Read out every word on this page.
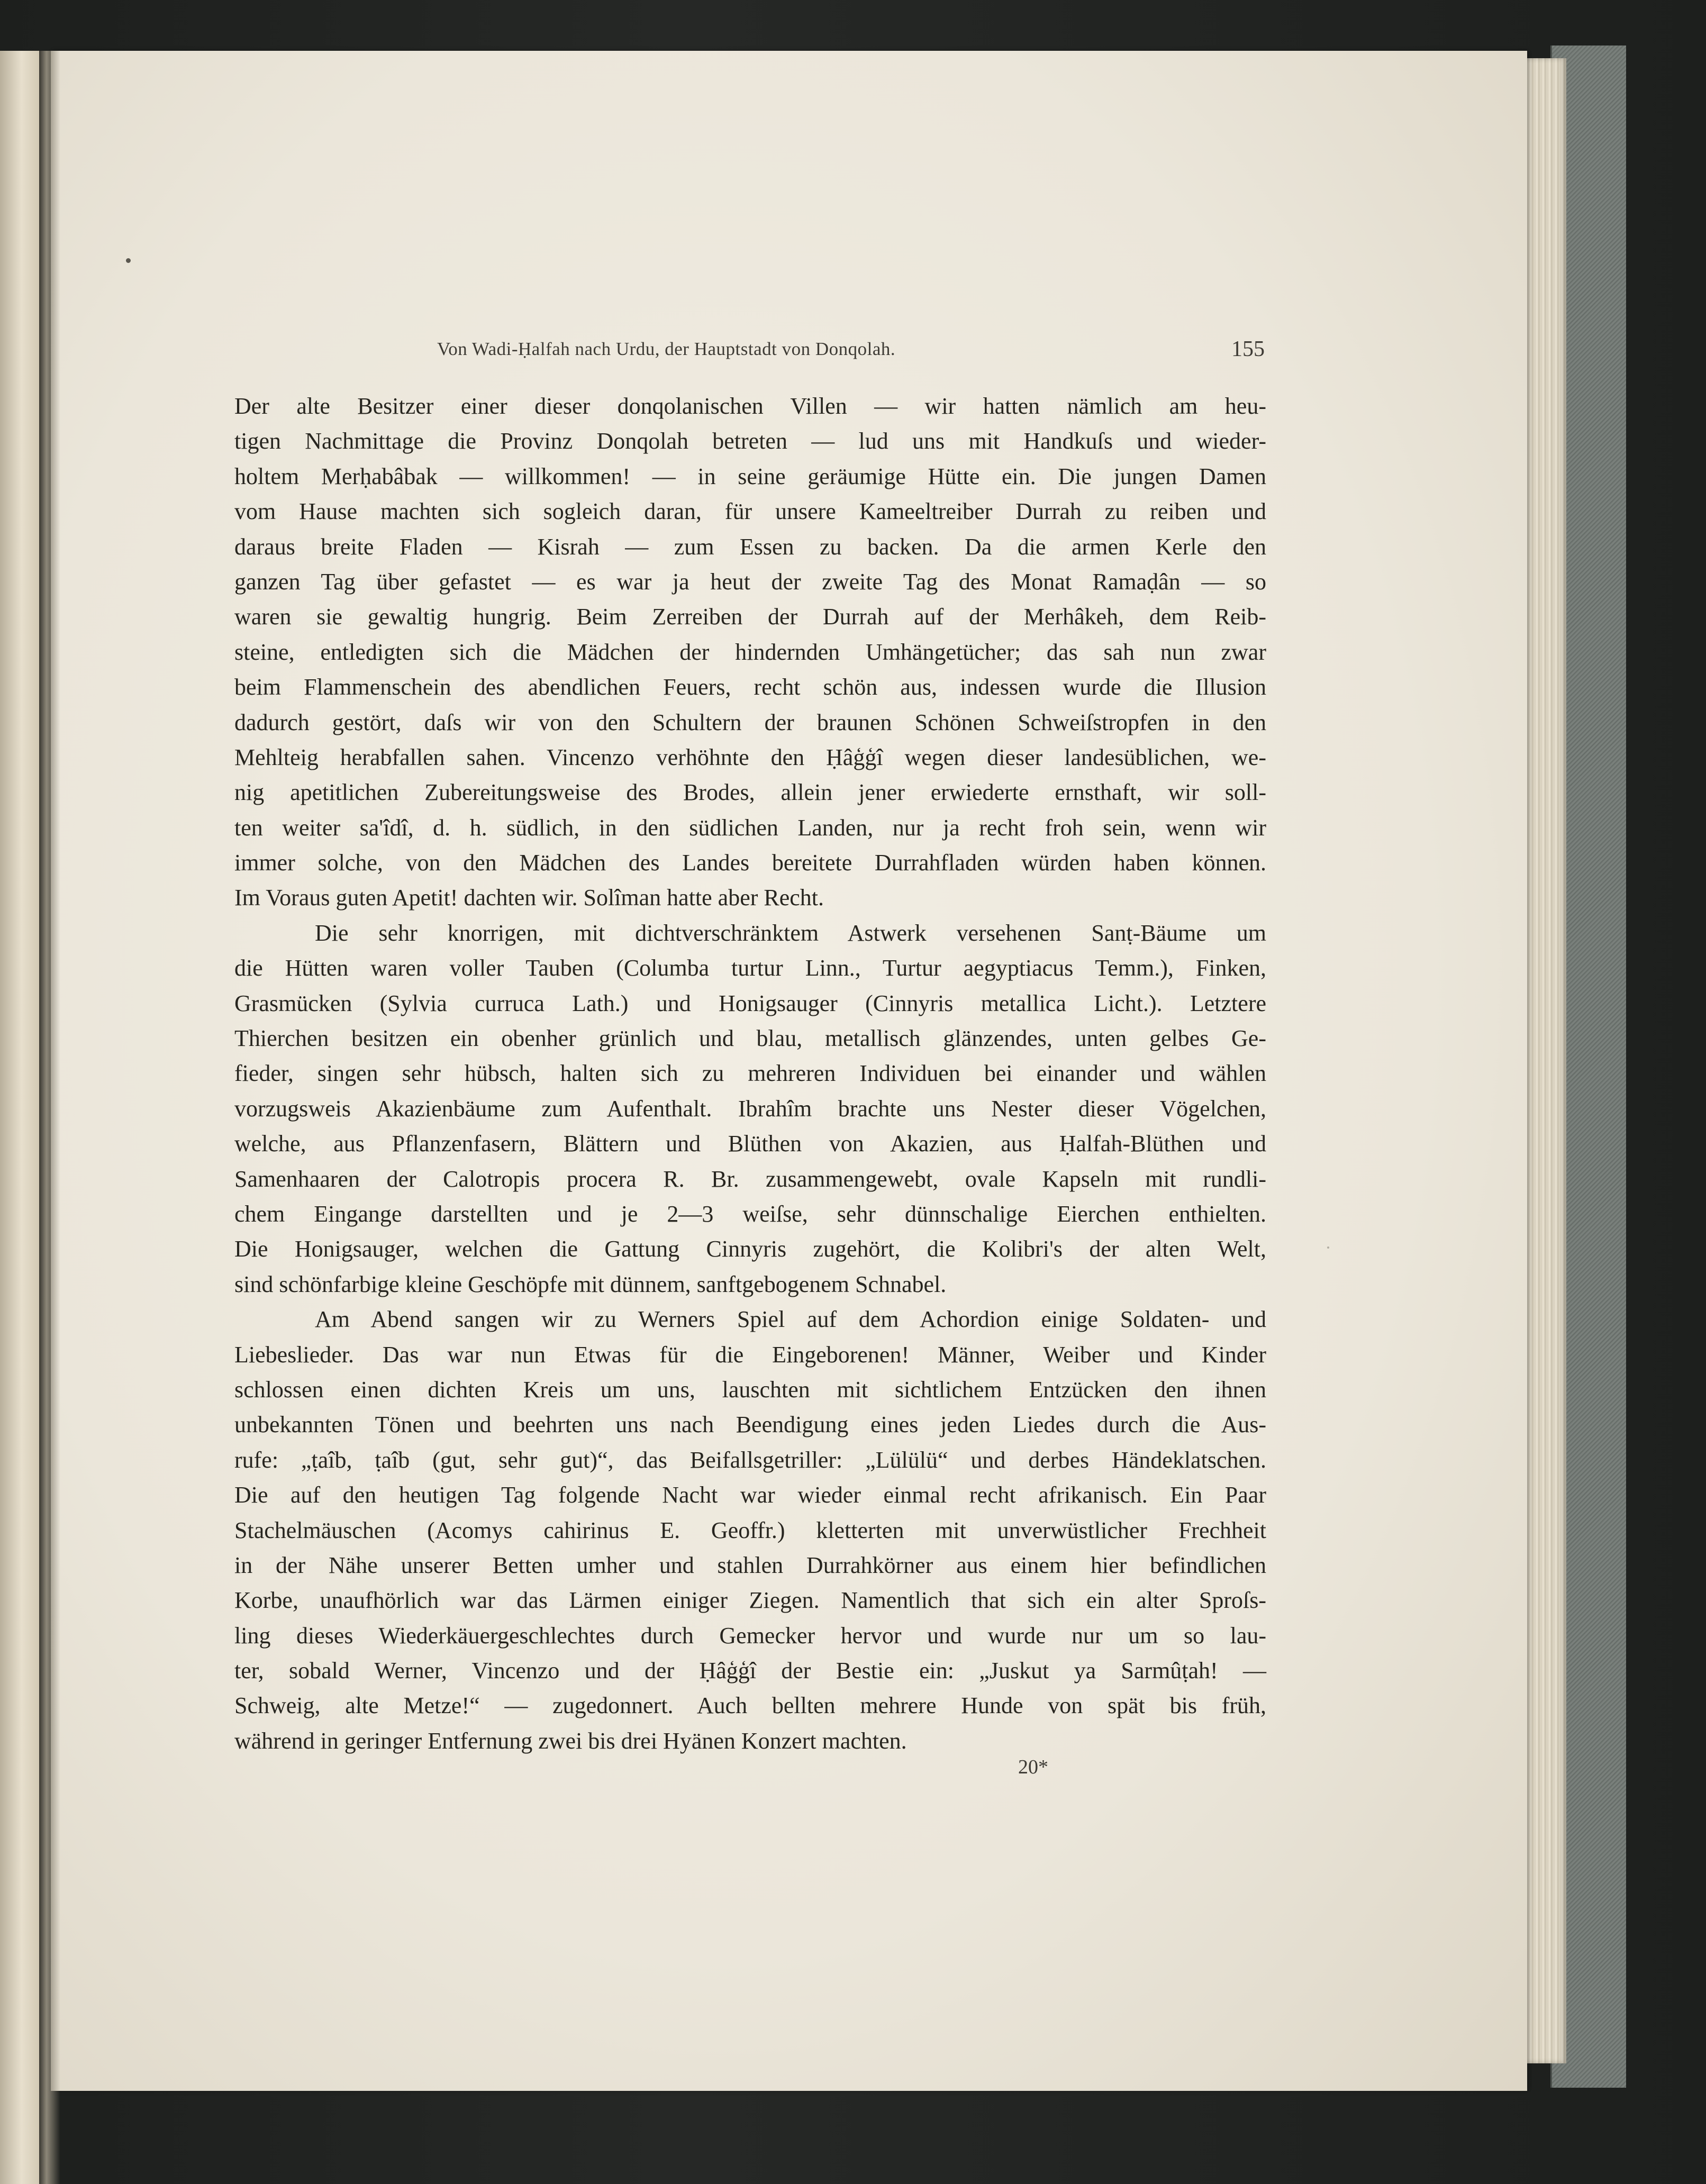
Von Wadi-Ḥalfah nach Urdu, der Hauptstadt von Donqolah.	155
Der alte Besitzer einer dieser donqolanischen Villen — wir hatten nämlich am heu-
tigen Nachmittage die Provinz Donqolah betreten — lud uns mit Handkuſs und wieder-
holtem Merḥabâbak — willkommen! — in seine geräumige Hütte ein. Die jungen Damen
vom Hause machten sich sogleich daran, für unsere Kameeltreiber Durrah zu reiben und
daraus breite Fladen — Kisrah — zum Essen zu backen. Da die armen Kerle den
ganzen Tag über gefastet — es war ja heut der zweite Tag des Monat Ramaḍân — so
waren sie gewaltig hungrig. Beim Zerreiben der Durrah auf der Merhâkeh, dem Reib-
steine, entledigten sich die Mädchen der hindernden Umhängetücher; das sah nun zwar
beim Flammenschein des abendlichen Feuers, recht schön aus, indessen wurde die Illusion
dadurch gestört, daſs wir von den Schultern der braunen Schönen Schweiſstropfen in den
Mehlteig herabfallen sahen. Vincenzo verhöhnte den Ḥâģģî wegen dieser landesüblichen, we-
nig apetitlichen Zubereitungsweise des Brodes, allein jener erwiederte ernsthaft, wir soll-
ten weiter sa'îdî, d. h. südlich, in den südlichen Landen, nur ja recht froh sein, wenn wir
immer solche, von den Mädchen des Landes bereitete Durrahfladen würden haben können.
Im Voraus guten Apetit! dachten wir. Solîman hatte aber Recht.
Die sehr knorrigen, mit dichtverschränktem Astwerk versehenen Sanṭ-Bäume um
die Hütten waren voller Tauben (Columba turtur Linn., Turtur aegyptiacus Temm.), Finken,
Grasmücken (Sylvia curruca Lath.) und Honigsauger (Cinnyris metallica Licht.). Letztere
Thierchen besitzen ein obenher grünlich und blau, metallisch glänzendes, unten gelbes Ge-
fieder, singen sehr hübsch, halten sich zu mehreren Individuen bei einander und wählen
vorzugsweis Akazienbäume zum Aufenthalt. Ibrahîm brachte uns Nester dieser Vögelchen,
welche, aus Pflanzenfasern, Blättern und Blüthen von Akazien, aus Ḥalfah-Blüthen und
Samenhaaren der Calotropis procera R. Br. zusammengewebt, ovale Kapseln mit rundli-
chem Eingange darstellten und je 2—3 weiſse, sehr dünnschalige Eierchen enthielten.
Die Honigsauger, welchen die Gattung Cinnyris zugehört, die Kolibri's der alten Welt,
sind schönfarbige kleine Geschöpfe mit dünnem, sanftgebogenem Schnabel.
Am Abend sangen wir zu Werners Spiel auf dem Achordion einige Soldaten- und
Liebeslieder. Das war nun Etwas für die Eingeborenen! Männer, Weiber und Kinder
schlossen einen dichten Kreis um uns, lauschten mit sichtlichem Entzücken den ihnen
unbekannten Tönen und beehrten uns nach Beendigung eines jeden Liedes durch die Aus-
rufe: „ṭaîb, ṭaîb (gut, sehr gut)“, das Beifallsgetriller: „Lülülü“ und derbes Händeklatschen.
Die auf den heutigen Tag folgende Nacht war wieder einmal recht afrikanisch. Ein Paar
Stachelmäuschen (Acomys cahirinus E. Geoffr.) kletterten mit unverwüstlicher Frechheit
in der Nähe unserer Betten umher und stahlen Durrahkörner aus einem hier befindlichen
Korbe, unaufhörlich war das Lärmen einiger Ziegen. Namentlich that sich ein alter Sproſs-
ling dieses Wiederkäuergeschlechtes durch Gemecker hervor und wurde nur um so lau-
ter, sobald Werner, Vincenzo und der Ḥâģģî der Bestie ein: „Juskut ya Sarmûṭah! —
Schweig, alte Metze!“ — zugedonnert. Auch bellten mehrere Hunde von spät bis früh,
während in geringer Entfernung zwei bis drei Hyänen Konzert machten.
20*
